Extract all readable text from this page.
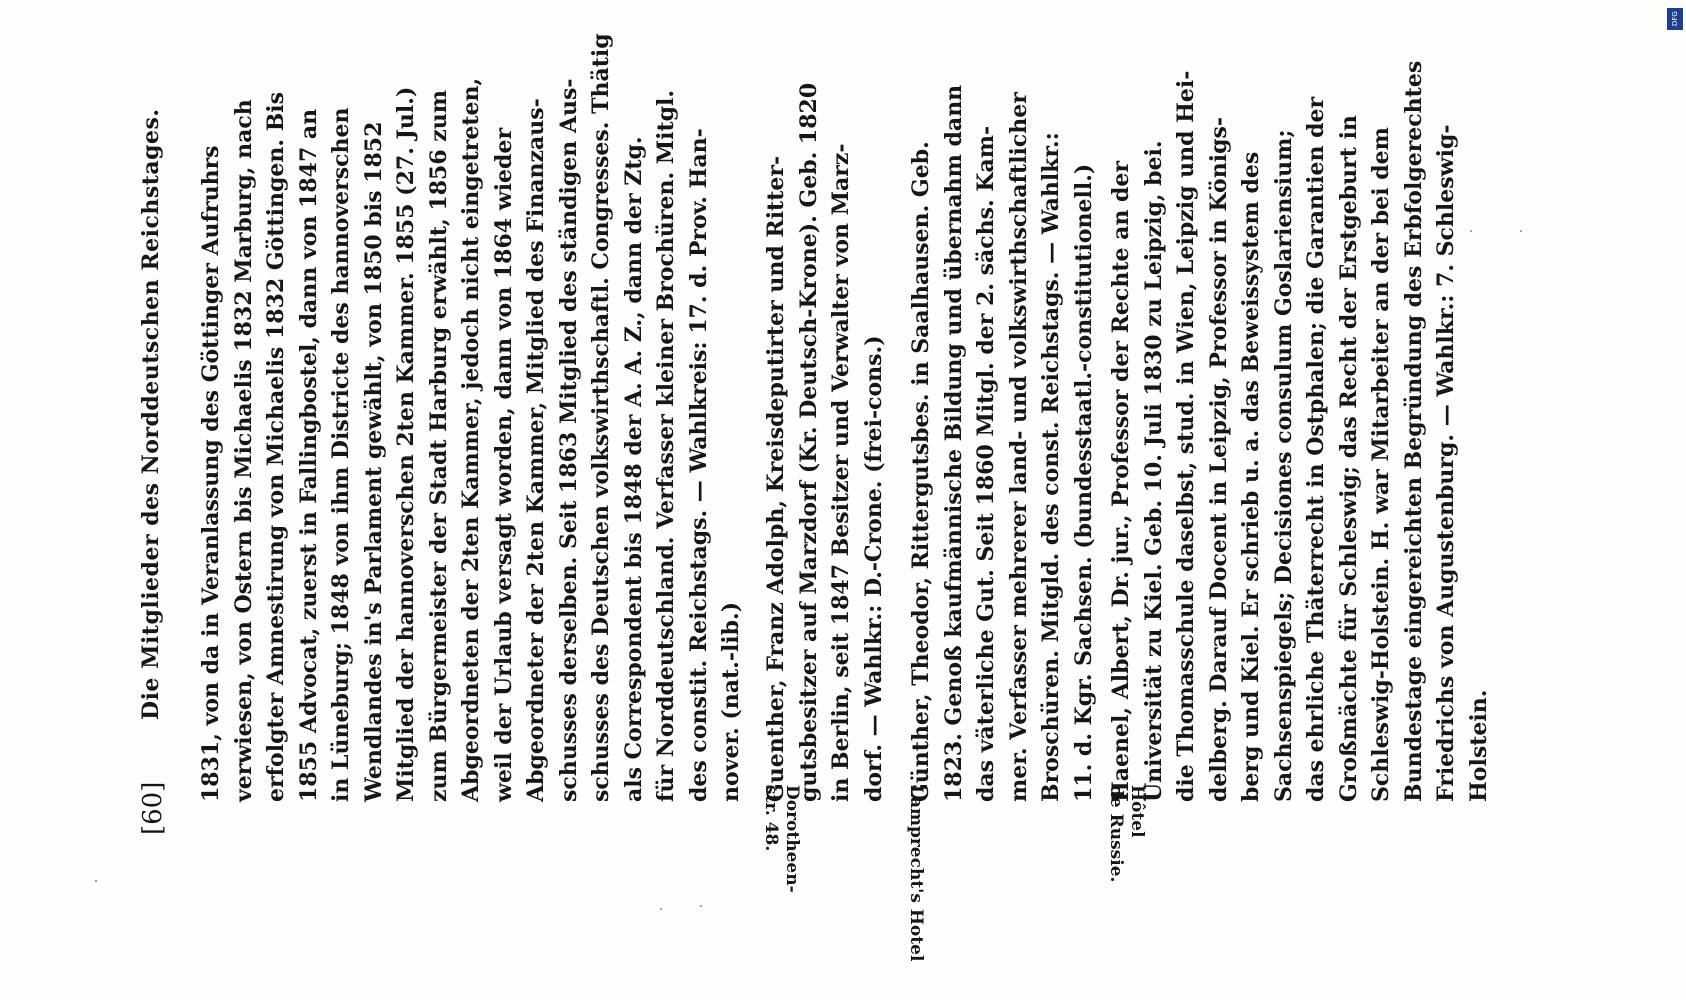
[60]
Die Mitglieder des Norddeutschen Reichstages. 1831, von da in Veranlassung des Göttinger Aufruhrs verwiesen, von Ostern bis Michaelis 1832 Marburg, nach erfolgter Amnestirung von Michaelis 1832 Göttingen. Bis 1855 Advocat, zuerst in Fallingbostel, dann von 1847 an in Lüneburg; 1848 von ihm Districte des hannoverschen Wendlandes in's Parlament gewählt, von 1850 bis 1852 Mitglied der hannoverschen 2ten Kammer. 1855 (27. Jul.) zum Bürgermeister der Stadt Harburg erwählt, 1856 zum Abgeordneten der 2ten Kammer, jedoch nicht eingetreten, weil der Urlaub versagt worden, dann von 1864 wieder Abgeordneter der 2ten Kammer, Mitglied des Finanzaus- schusses derselben. Seit 1863 Mitglied des ständigen Aus- schusses des Deutschen volkswirthschaftl. Congresses. Thätig als Correspondent bis 1848 der A. A. Z., dann der Ztg. für Norddeutschland. Verfasser kleiner Brochüren. Mitgl. des constit. Reichstags. — Wahlkreis: 17. d. Prov. Han- nover. (nat.-lib.)
Dorotheen-
str. 48.
Guenther, Franz Adolph, Kreisdeputirter und Ritter- gutsbesitzer auf Marzdorf (Kr. Deutsch-Krone). Geb. 1820 in Berlin, seit 1847 Besitzer und Verwalter von Marz- dorf. — Wahlkr.: D.-Crone. (frei-cons.)
Lamprecht's Hotel
Günther, Theodor, Rittergutsbes. in Saalhausen. Geb. 1823. Genoß kaufmännische Bildung und übernahm dann das väterliche Gut. Seit 1860 Mitgl. der 2. sächs. Kam- mer. Verfasser mehrerer land- und volkswirthschaftlicher Broschüren. Mitgld. des const. Reichstags. — Wahlkr.: 11. d. Kgr. Sachsen. (bundesstaatl.-constitutionell.)
Hôtel
de Russie.
Haenel, Albert, Dr. jur., Professor der Rechte an der Universität zu Kiel. Geb. 10. Juli 1830 zu Leipzig, bei. die Thomasschule daselbst, stud. in Wien, Leipzig und Hei- delberg. Darauf Docent in Leipzig, Professor in Königs- berg und Kiel. Er schrieb u. a. das Beweissystem des Sachsenspiegels; Decisiones consulum Goslariensium; das ehrliche Thäterrecht in Ostphalen; die Garantien der Großmächte für Schleswig; das Recht der Erstgeburt in Schleswig-Holstein. H. war Mitarbeiter an der bei dem Bundestage eingereichten Begründung des Erbfolgerechtes Friedrichs von Augustenburg. — Wahlkr.: 7. Schleswig- Holstein.
DFG
